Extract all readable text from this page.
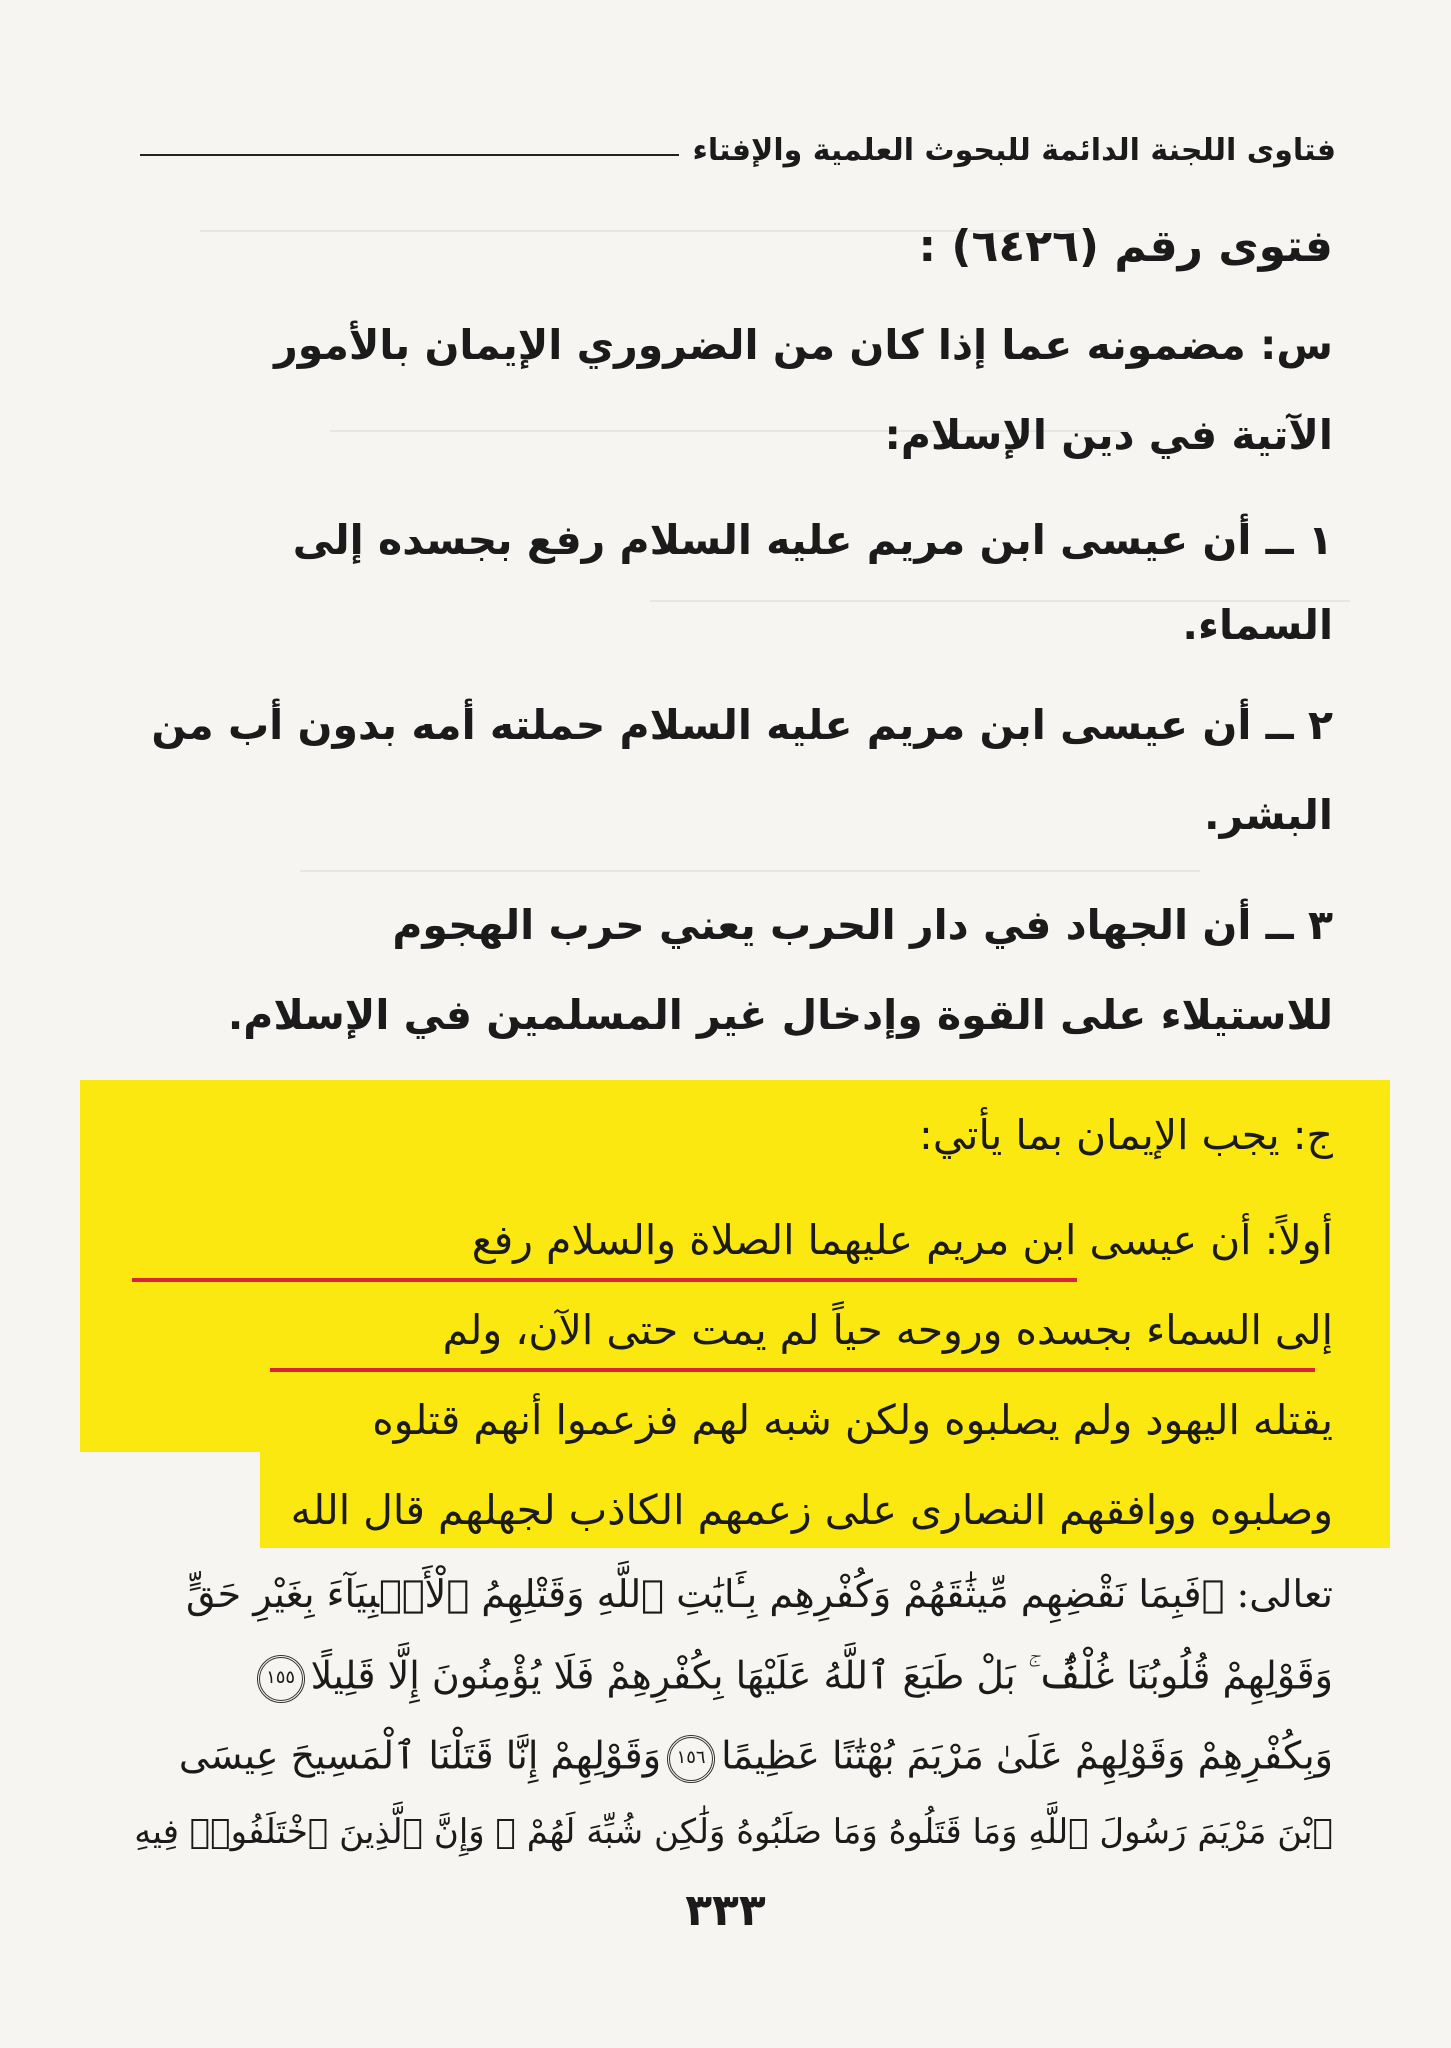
فتاوى اللجنة الدائمة للبحوث العلمية والإفتاء
فتوى رقم (٦٤٢٦) :
س: مضمونه عما إذا كان من الضروري الإيمان بالأمور
الآتية في دين الإسلام:
١ ــ أن عيسى ابن مريم عليه السلام رفع بجسده إلى
السماء.
٢ ــ أن عيسى ابن مريم عليه السلام حملته أمه بدون أب من
البشر.
٣ ــ أن الجهاد في دار الحرب يعني حرب الهجوم
للاستيلاء على القوة وإدخال غير المسلمين في الإسلام.
ج: يجب الإيمان بما يأتي:
أولاً: أن عيسى ابن مريم عليهما الصلاة والسلام رفع
إلى السماء بجسده وروحه حياً لم يمت حتى الآن، ولم
يقتله اليهود ولم يصلبوه ولكن شبه لهم فزعموا أنهم قتلوه
وصلبوه ووافقهم النصارى على زعمهم الكاذب لجهلهم قال الله
تعالى: ﴿فَبِمَا نَقْضِهِم مِّيثَٰقَهُمْ وَكُفْرِهِم بِـَٔايَٰتِ ٱللَّهِ وَقَتْلِهِمُ ٱلْأَنۢبِيَآءَ بِغَيْرِ حَقٍّ
وَقَوْلِهِمْ قُلُوبُنَا غُلْفٌۢ ۚ بَلْ طَبَعَ ٱللَّهُ عَلَيْهَا بِكُفْرِهِمْ فَلَا يُؤْمِنُونَ إِلَّا قَلِيلًا١٥٥
وَبِكُفْرِهِمْ وَقَوْلِهِمْ عَلَىٰ مَرْيَمَ بُهْتَٰنًا عَظِيمًا١٥٦وَقَوْلِهِمْ إِنَّا قَتَلْنَا ٱلْمَسِيحَ عِيسَى
ٱبْنَ مَرْيَمَ رَسُولَ ٱللَّهِ وَمَا قَتَلُوهُ وَمَا صَلَبُوهُ وَلَٰكِن شُبِّهَ لَهُمْ ۚ وَإِنَّ ٱلَّذِينَ ٱخْتَلَفُوا۟ فِيهِ
٣٣٣
